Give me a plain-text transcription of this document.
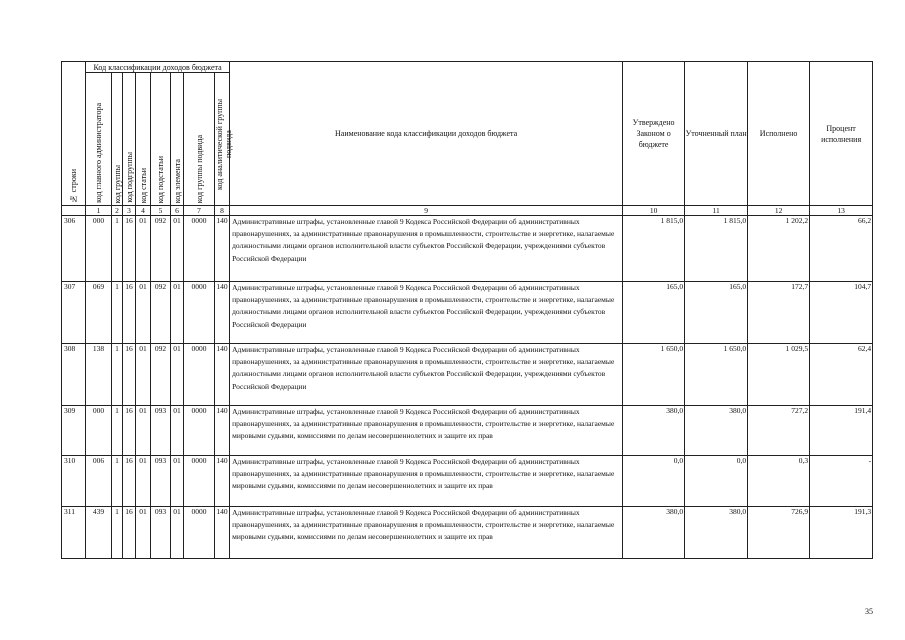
№ строки	Код классификации доходов бюджета								Наименование кода классификации доходов бюджета	Утверждено Законом о бюджете	Уточненный план	Исполнено	Процент исполнения
	код главного администратора	код группы	код подгруппы	код статьи	код подстатьи	код элемента	код группы подвида	код аналитической группы подвида					
	1	2	3	4	5	6	7	8	9	10	11	12	13
306	000	1	16	01	092	01	0000	140	Административные штрафы, установленные главой 9 Кодекса Российской Федерации об административных правонарушениях, за административные правонарушения в промышленности, строительстве и энергетике, налагаемые должностными лицами органов исполнительной власти субъектов Российской Федерации, учреждениями субъектов Российской Федерации	1 815,0	1 815,0	1 202,2	66,2
307	069	1	16	01	092	01	0000	140	Административные штрафы, установленные главой 9 Кодекса Российской Федерации об административных правонарушениях, за административные правонарушения в промышленности, строительстве и энергетике, налагаемые должностными лицами органов исполнительной власти субъектов Российской Федерации, учреждениями субъектов Российской Федерации	165,0	165,0	172,7	104,7
308	138	1	16	01	092	01	0000	140	Административные штрафы, установленные главой 9 Кодекса Российской Федерации об административных правонарушениях, за административные правонарушения в промышленности, строительстве и энергетике, налагаемые должностными лицами органов исполнительной власти субъектов Российской Федерации, учреждениями субъектов Российской Федерации	1 650,0	1 650,0	1 029,5	62,4
309	000	1	16	01	093	01	0000	140	Административные штрафы, установленные главой 9 Кодекса Российской Федерации об административных правонарушениях, за административные правонарушения в промышленности, строительстве и энергетике, налагаемые мировыми судьями, комиссиями по делам несовершеннолетних и защите их прав	380,0	380,0	727,2	191,4
310	006	1	16	01	093	01	0000	140	Административные штрафы, установленные главой 9 Кодекса Российской Федерации об административных правонарушениях, за административные правонарушения в промышленности, строительстве и энергетике, налагаемые мировыми судьями, комиссиями по делам несовершеннолетних и защите их прав	0,0	0,0	0,3	-
311	439	1	16	01	093	01	0000	140	Административные штрафы, установленные главой 9 Кодекса Российской Федерации об административных правонарушениях, за административные правонарушения в промышленности, строительстве и энергетике, налагаемые мировыми судьями, комиссиями по делам несовершеннолетних и защите их прав	380,0	380,0	726,9	191,3
35
